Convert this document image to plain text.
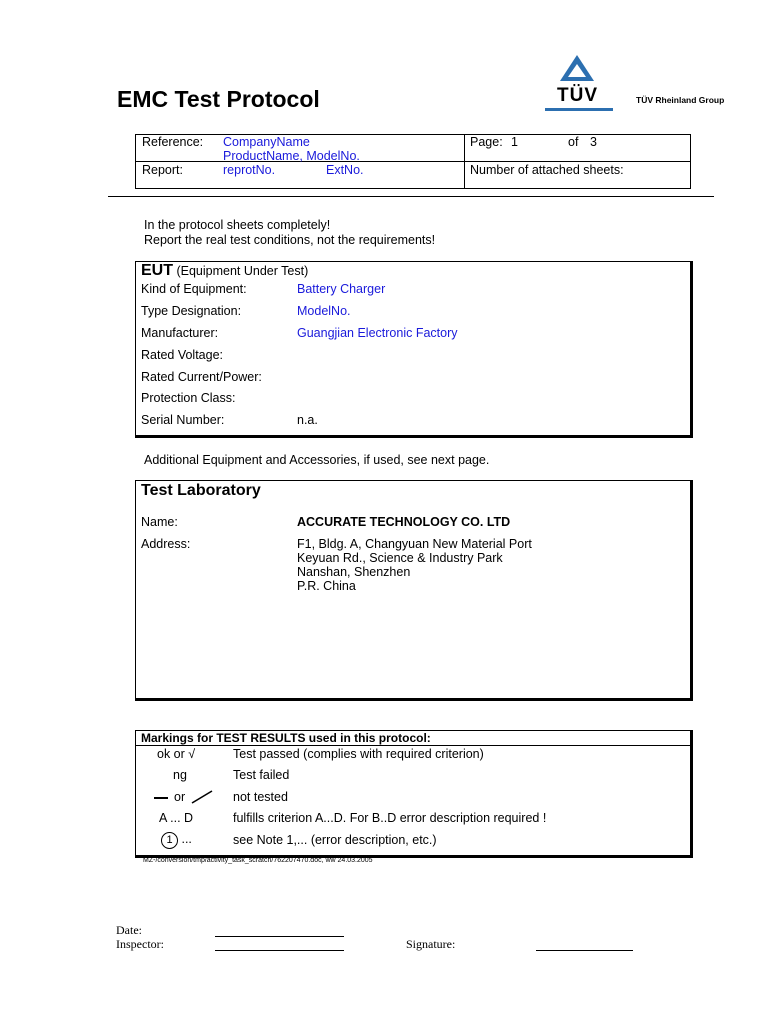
EMC Test Protocol	TÜV	TÜV Rheinland Group
Reference: CompanyName
ProductName, ModelNo.
Report:	reprotNo.	ExtNo.
Page: 1	of 3
Number of attached sheets:
In the protocol sheets completely!
Report the real test conditions, not the requirements!
EUT (Equipment Under Test)
Kind of Equipment:	Battery Charger
Type Designation:	ModelNo.
Manufacturer:	Guangjian Electronic Factory
Rated Voltage:
Rated Current/Power:
Protection Class:
Serial Number:	n.a.
Additional Equipment and Accessories, if used, see next page.
Test Laboratory
Name:	ACCURATE TECHNOLOGY CO. LTD
Address:	F1, Bldg. A, Changyuan New Material Port
Keyuan Rd., Science & Industry Park
Nanshan, Shenzhen
P.R. China
Markings for TEST RESULTS used in this protocol:
ok or √	Test passed (complies with required criterion)
ng	Test failed
or	not tested
A ... D	fulfills criterion A...D. For B..D error description required !
1 ...	see Note 1,... (error description, etc.)
MZ-/conversion/tmp/activity_task_scratch/762207470.doc, ww 24.03.2005
Date:
Inspector:	Signature:
